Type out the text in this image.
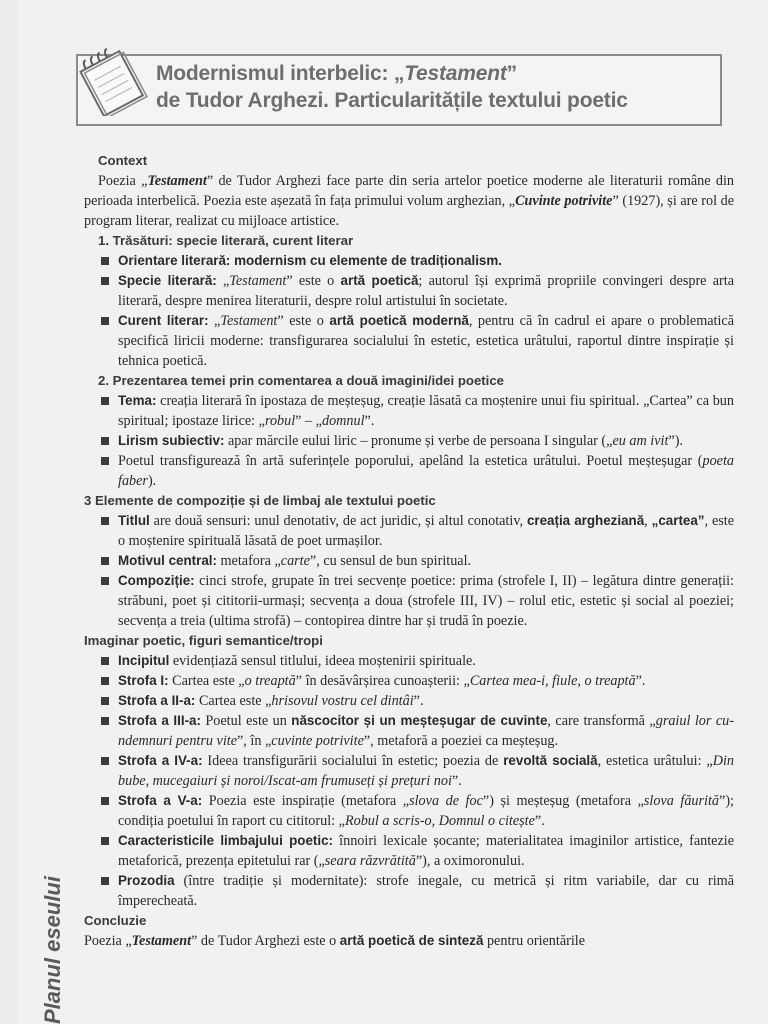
Modernismul interbelic: „Testament”
de Tudor Arghezi. Particularitățile textului poetic
Context

Poezia „Testament” de Tudor Arghezi face parte din seria artelor poetice moderne ale literaturii române din perioada interbelică. Poezia este așezată în fața primului volum arghezian, „Cuvinte potrivite” (1927), și are rol de program literar, realizat cu mijloace artistice.

1. Trăsături: specie literară, curent literar
Orientare literară: modernism cu elemente de tradiționalism.
Specie literară: „Testament” este o artă poetică; autorul își exprimă propriile convingeri despre arta literară, despre menirea literaturii, despre rolul artistului în societate.
Curent literar: „Testament” este o artă poetică modernă, pentru că în cadrul ei apare o problematică specifică liricii moderne: transfigurarea socialului în estetic, estetica urâtului, raportul dintre inspirație și tehnica poetică.
2. Prezentarea temei prin comentarea a două imagini/idei poetice
Tema: creația literară în ipostaza de meșteșug, creație lăsată ca moștenire unui fiu spiritual. „Cartea” ca bun spiritual; ipostaze lirice: „robul” – „domnul”.
Lirism subiectiv: apar mărcile eului liric – pronume și verbe de persoana I singular („eu am ivit”).
Poetul transfigurează în artă suferințele poporului, apelând la estetica urâtului. Poetul meșteșugar (poeta faber).
3 Elemente de compoziție și de limbaj ale textului poetic
Titlul are două sensuri: unul denotativ, de act juridic, și altul conotativ, creația argheziană, „cartea”, este o moștenire spirituală lăsată de poet urmașilor.
Motivul central: metafora „carte”, cu sensul de bun spiritual.
Compoziție: cinci strofe, grupate în trei secvențe poetice: prima (strofele I, II) – legătura dintre generații: străbuni, poet și cititorii-urmași; secvența a doua (strofele III, IV) – rolul etic, estetic și social al poeziei; secvența a treia (ultima strofă) – contopirea dintre har și trudă în poezie.
Imaginar poetic, figuri semantice/tropi
Incipitul evidențiază sensul titlului, ideea moștenirii spirituale.
Strofa I: Cartea este „o treaptă” în desăvârșirea cunoașterii: „Cartea mea-i, fiule, o treaptă”.
Strofa a II-a: Cartea este „hrisovul vostru cel dintâi”.
Strofa a III-a: Poetul este un născocitor și un meșteșugar de cuvinte, care transformă „graiul lor cu-ndemnuri pentru vite”, în „cuvinte potrivite”, metaforă a poeziei ca meșteșug.
Strofa a IV-a: Ideea transfigurării socialului în estetic; poezia de revoltă socială, estetica urâtului: „Din bube, mucegaiuri și noroi/Iscat-am frumuseți și prețuri noi”.
Strofa a V-a: Poezia este inspirație (metafora „slova de foc”) și meșteșug (metafora „slova făurită”); condiția poetului în raport cu cititorul: „Robul a scris-o, Domnul o citește”.
Caracteristicile limbajului poetic: înnoiri lexicale șocante; materialitatea imaginilor artistice, fantezie metaforică, prezența epitetului rar („seara răzvrătită”), a oximoronului.
Prozodia (între tradiție și modernitate): strofe inegale, cu metrică și ritm variabile, dar cu rimă împerecheată.
Concluzie

Poezia „Testament” de Tudor Arghezi este o artă poetică de sinteză pentru orientările

Planul eseului
